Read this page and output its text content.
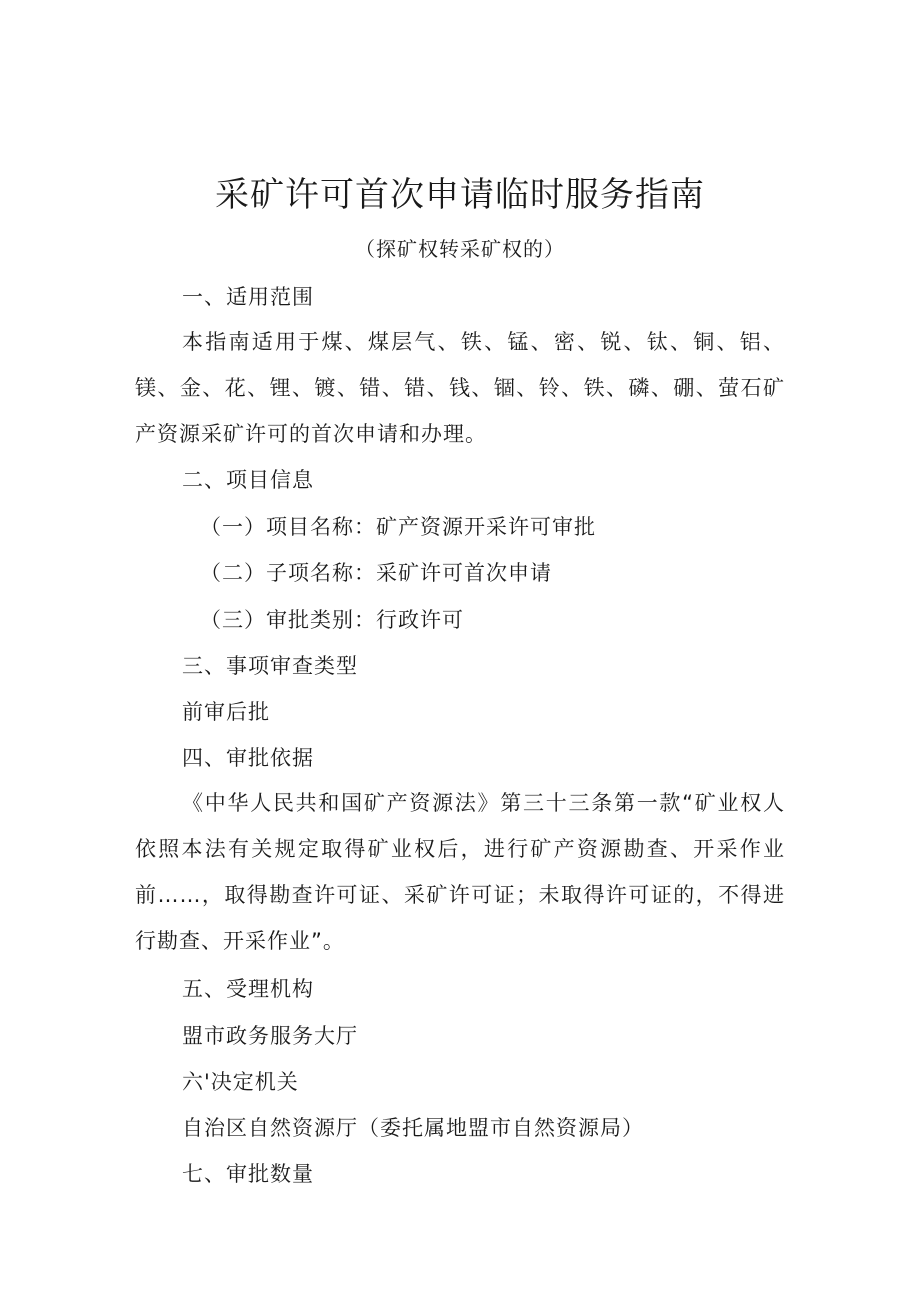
采矿许可首次申请临时服务指南
（探矿权转采矿权的）
一、适用范围

本指南适用于煤、煤层气、铁、锰、密、锐、钛、铜、铝、镁、金、花、锂、镀、错、错、钱、锢、铃、铁、磷、硼、萤石矿产资源采矿许可的首次申请和办理。

二、项目信息
（一）项目名称：矿产资源开采许可审批
（二）子项名称：采矿许可首次申请
（三）审批类别：行政许可
三、事项审查类型
前审后批
四、审批依据

《中华人民共和国矿产资源法》第三十三条第一款“矿业权人依照本法有关规定取得矿业权后，进行矿产资源勘查、开采作业前……，取得勘查许可证、采矿许可证；未取得许可证的，不得进行勘查、开采作业”。

五、受理机构
盟市政务服务大厅
六'决定机关
自治区自然资源厅（委托属地盟市自然资源局）
七、审批数量
